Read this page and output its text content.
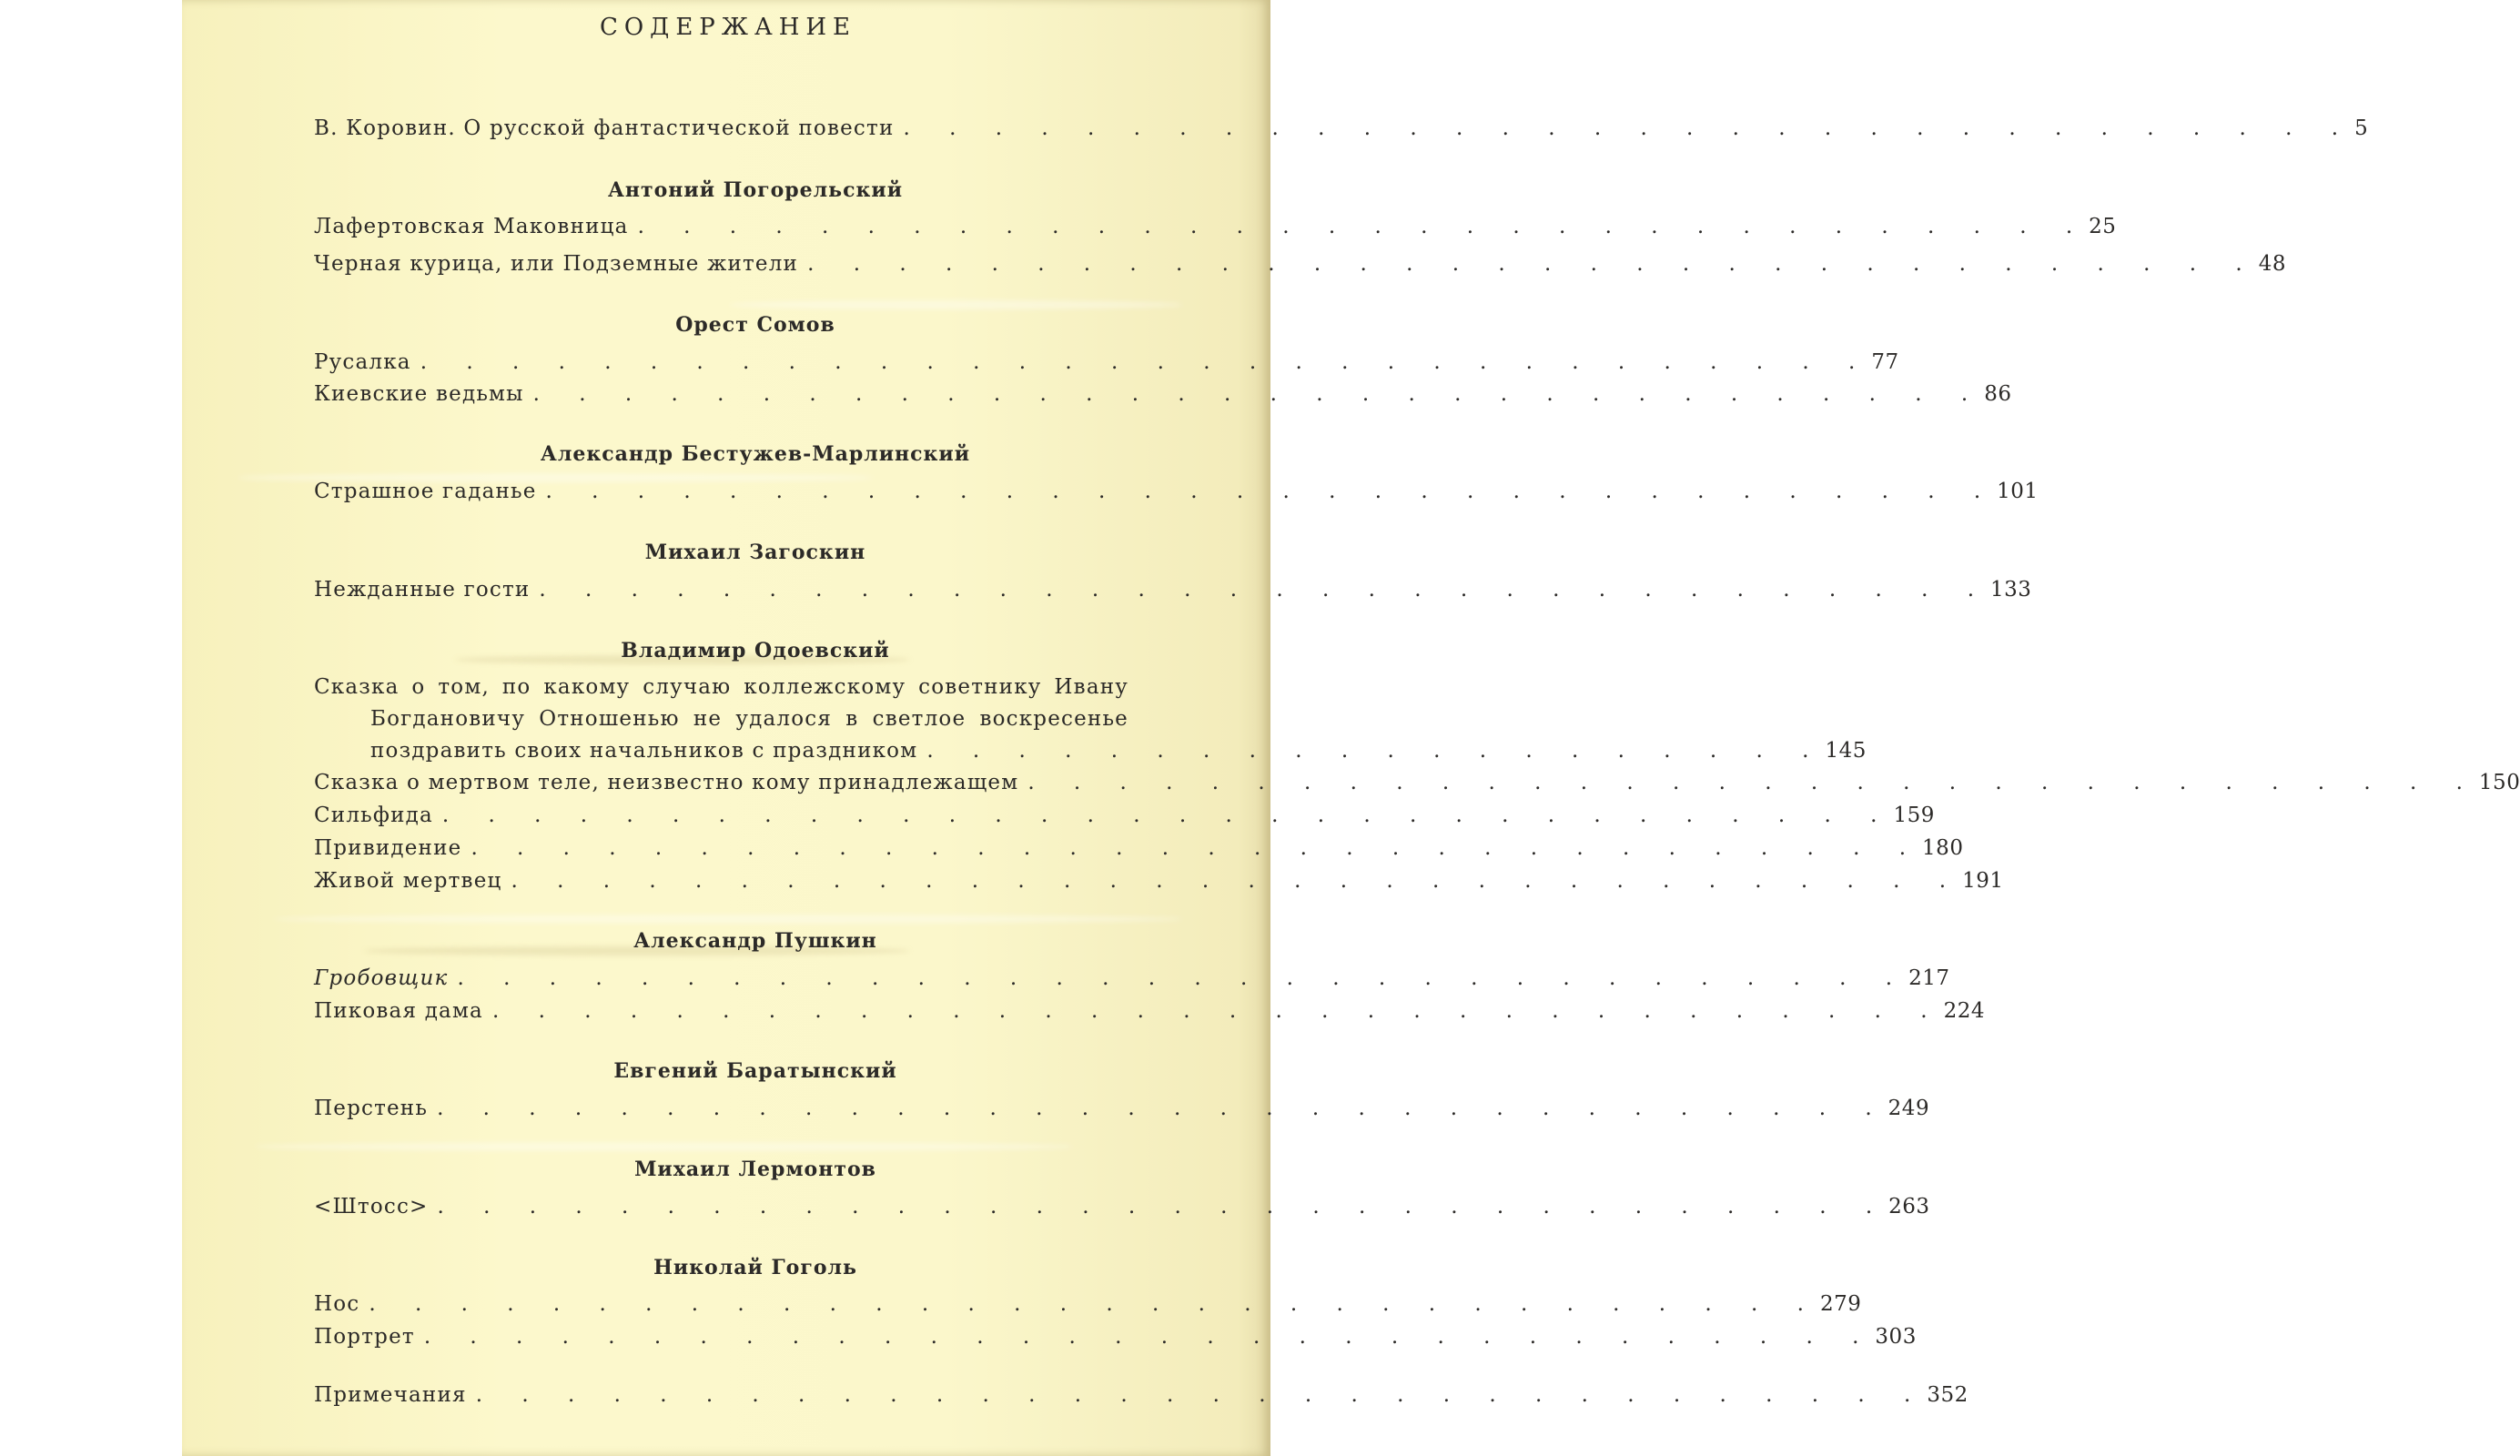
СОДЕРЖАНИЕ
В. Коровин. О русской фантастической повести . . . . . . . . . . . . . . . . . . . . . . . . . . . . . . . . 5
Антоний Погорельский
Лафертовская Маковница . . . . . . . . . . . . . . . . . . . . . . . . . . . . . . . . 25
Черная курица, или Подземные жители . . . . . . . . . . . . . . . . . . . . . . . . . . . . . . . . 48
Орест Сомов
Русалка . . . . . . . . . . . . . . . . . . . . . . . . . . . . . . . . 77
Киевские ведьмы . . . . . . . . . . . . . . . . . . . . . . . . . . . . . . . . 86
Александр Бестужев-Марлинский
Страшное гаданье . . . . . . . . . . . . . . . . . . . . . . . . . . . . . . . . 101
Михаил Загоскин
Нежданные гости . . . . . . . . . . . . . . . . . . . . . . . . . . . . . . . . 133
Владимир Одоевский
Сказка о том, по какому случаю коллежскому советнику Ивану
Богдановичу Отношенью не удалося в светлое воскресенье
поздравить своих начальников с праздником . . . . . . . . . . . . . . . . . . . . 145
Сказка о мертвом теле, неизвестно кому принадлежащем . . . . . . . . . . . . . . . . . . . . . . . . . . . . . . . . 150
Сильфида . . . . . . . . . . . . . . . . . . . . . . . . . . . . . . . . 159
Привидение . . . . . . . . . . . . . . . . . . . . . . . . . . . . . . . . 180
Живой мертвец . . . . . . . . . . . . . . . . . . . . . . . . . . . . . . . . 191
Александр Пушкин
Гробовщик . . . . . . . . . . . . . . . . . . . . . . . . . . . . . . . . 217
Пиковая дама . . . . . . . . . . . . . . . . . . . . . . . . . . . . . . . . 224
Евгений Баратынский
Перстень . . . . . . . . . . . . . . . . . . . . . . . . . . . . . . . . 249
Михаил Лермонтов
<Штосс> . . . . . . . . . . . . . . . . . . . . . . . . . . . . . . . . 263
Николай Гоголь
Нос . . . . . . . . . . . . . . . . . . . . . . . . . . . . . . . . 279
Портрет . . . . . . . . . . . . . . . . . . . . . . . . . . . . . . . . 303
Примечания . . . . . . . . . . . . . . . . . . . . . . . . . . . . . . . . 352
